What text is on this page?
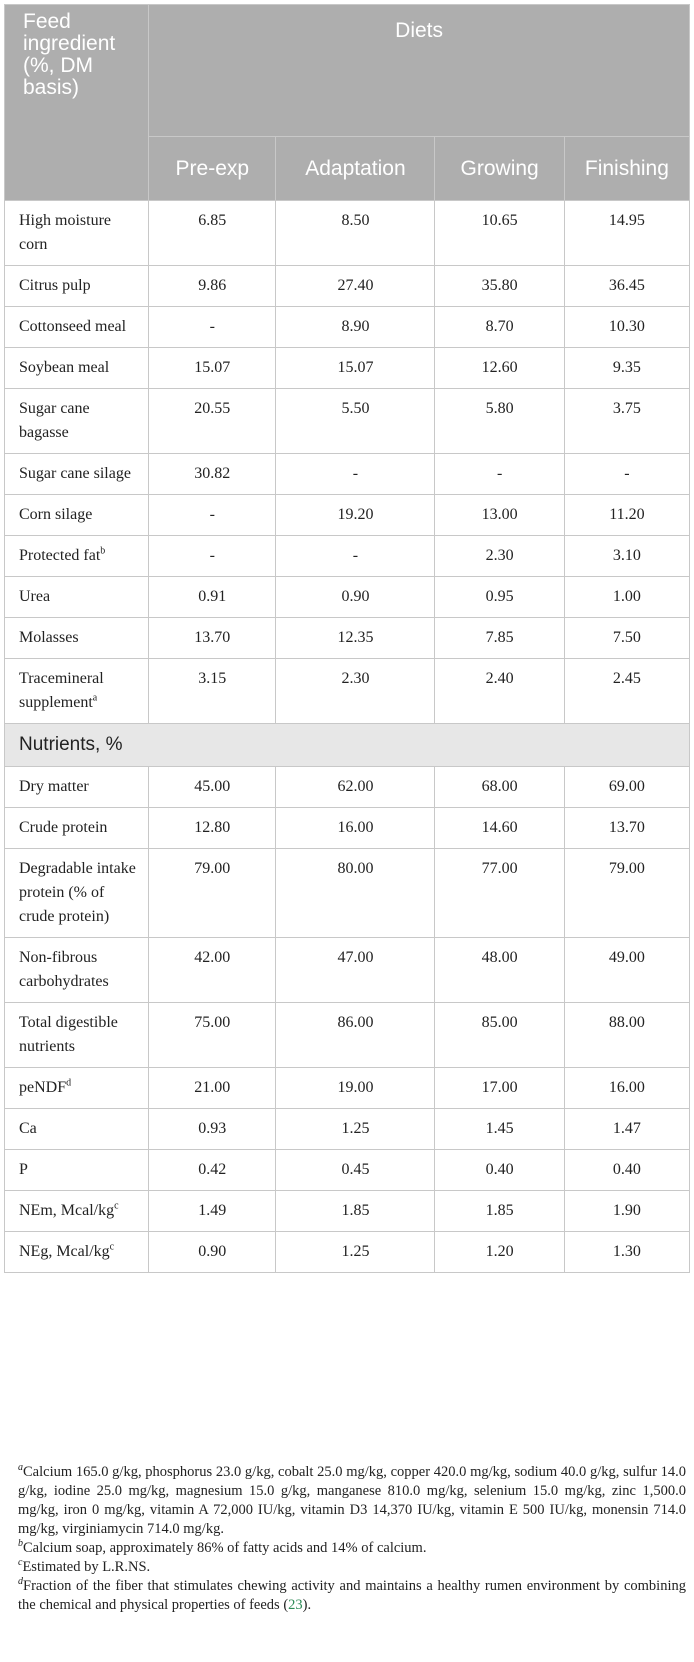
Feed ingredient (%, DM basis)	Diets			
	Pre-exp	Adaptation	Growing	Finishing
High moisture corn	6.85	8.50	10.65	14.95
Citrus pulp	9.86	27.40	35.80	36.45
Cottonseed meal	-	8.90	8.70	10.30
Soybean meal	15.07	15.07	12.60	9.35
Sugar cane bagasse	20.55	5.50	5.80	3.75
Sugar cane silage	30.82	-	-	-
Corn silage	-	19.20	13.00	11.20
Protected fat$^b$	-	-	2.30	3.10
Urea	0.91	0.90	0.95	1.00
Molasses	13.70	12.35	7.85	7.50
Tracemineral supplement$^a$	3.15	2.30	2.40	2.45
Nutrients, %				
Dry matter	45.00	62.00	68.00	69.00
Crude protein	12.80	16.00	14.60	13.70
Degradable intake protein (% of crude protein)	79.00	80.00	77.00	79.00
Non-fibrous carbohydrates	42.00	47.00	48.00	49.00
Total digestible nutrients	75.00	86.00	85.00	88.00
peNDF$^d$	21.00	19.00	17.00	16.00
Ca	0.93	1.25	1.45	1.47
P	0.42	0.45	0.40	0.40
NEm, Mcal/$kg^c$	1.49	1.85	1.85	1.90
NEg, Mcal/$kg^c$	0.90	1.25	1.20	1.30

$^a$Calcium 165.0 g/kg, phosphorus 23.0 g/kg, cobalt 25.0 mg/kg, copper 420.0 mg/kg, sodium 40.0 g/kg, sulfur 14.0 g/kg, iodine 25.0 mg/kg, magnesium 15.0 g/kg, manganese 810.0 mg/kg, selenium 15.0 mg/kg, zinc 1,500.0 mg/kg, iron 0 mg/kg, vitamin A 72,000 IU/kg, vitamin D3 14,370 IU/kg, vitamin E 500 IU/kg, monensin 714.0 mg/kg, virginiamycin 714.0 mg/kg.

$^b$Calcium soap, approximately 86% of fatty acids and 14% of calcium.

$^c$Estimated by L.R.NS.

$^d$Fraction of the fiber that stimulates chewing activity and maintains a healthy rumen environment by combining the chemical and physical properties of feeds (23).
